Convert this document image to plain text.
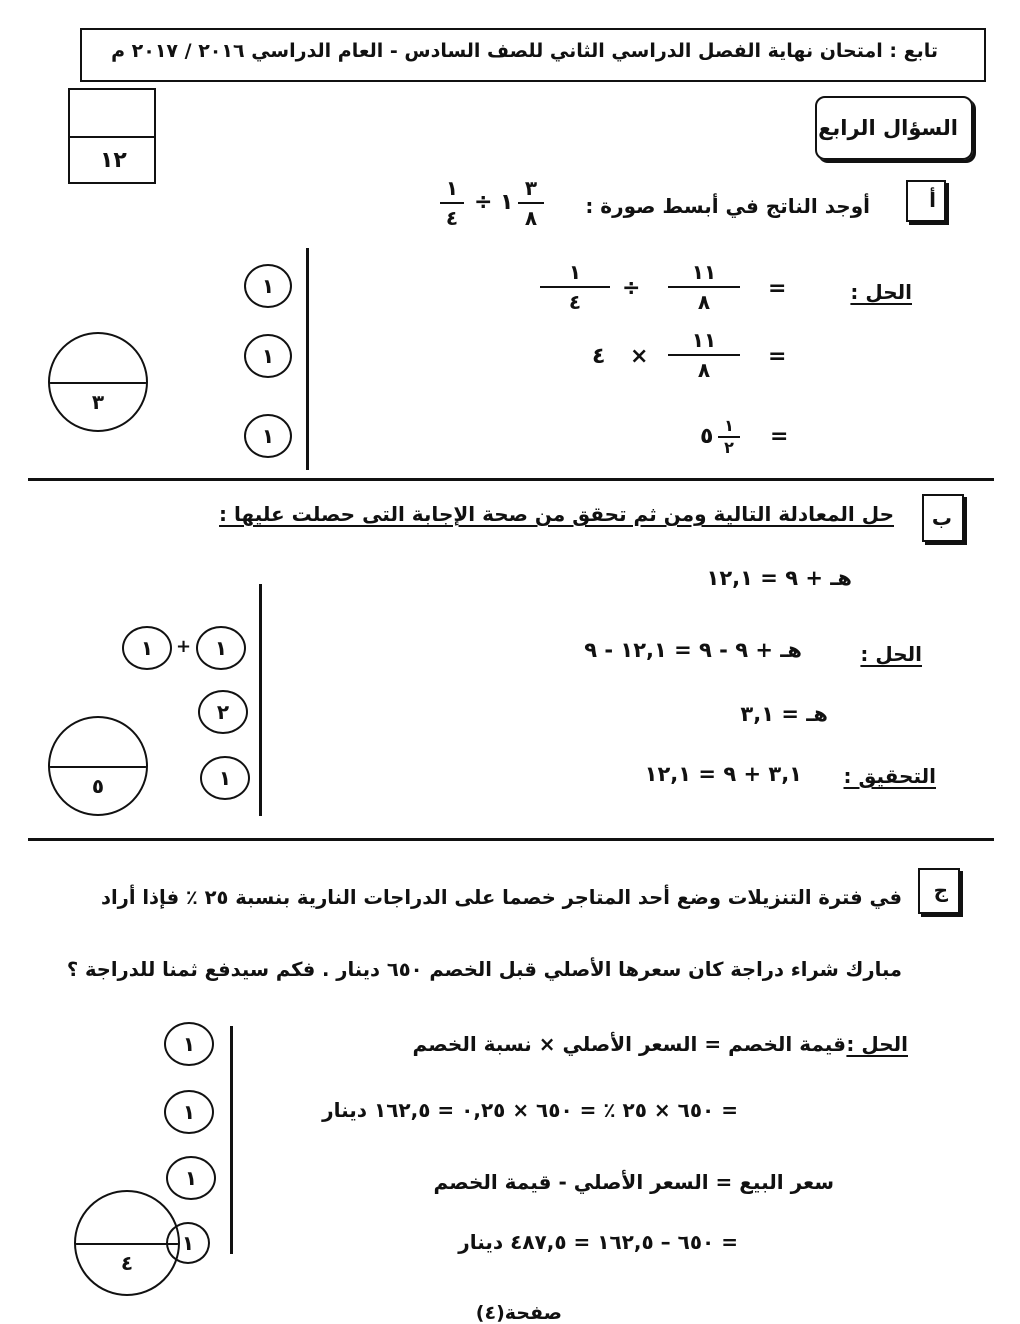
تابع : امتحان نهاية الفصل الدراسي الثاني للصف السادس - العام الدراسي ٢٠١٦ / ٢٠١٧ م
١٢
السؤال الرابع
أ
أوجد الناتج في أبسط صورة :
٣
٨
١
÷
١
٤
الحل :
=
١١
٨
÷
١
٤
=
١١
٨
×
٤
=
١
٢
٥
١
١
١
٣
ب
حل المعادلة التالية ومن ثم تحقق من صحة الإجابة التى حصلت عليها :
هـ + ٩ = ١٢,١
الحل :
هـ + ٩ - ٩ = ١٢,١ - ٩
هـ = ٣,١
التحقيق :
٣,١ + ٩ = ١٢,١
١	+	١
٢
١
٥
ج
في فترة التنزيلات وضع أحد المتاجر خصما على الدراجات النارية بنسبة ٢٥ ٪ فإذا أراد
مبارك شراء دراجة كان سعرها الأصلي قبل الخصم ٦٥٠ دينار . فكم سيدفع ثمنا للدراجة ؟
الحل :
قيمة الخصم = السعر الأصلي × نسبة الخصم
= ٦٥٠ × ٢٥ ٪ = ٦٥٠ × ٠,٢٥ = ١٦٢,٥ دينار
سعر البيع = السعر الأصلي - قيمة الخصم
= ٦٥٠ – ١٦٢,٥ = ٤٨٧,٥ دينار
١
١
١
١
٤
صفحة(٤)
